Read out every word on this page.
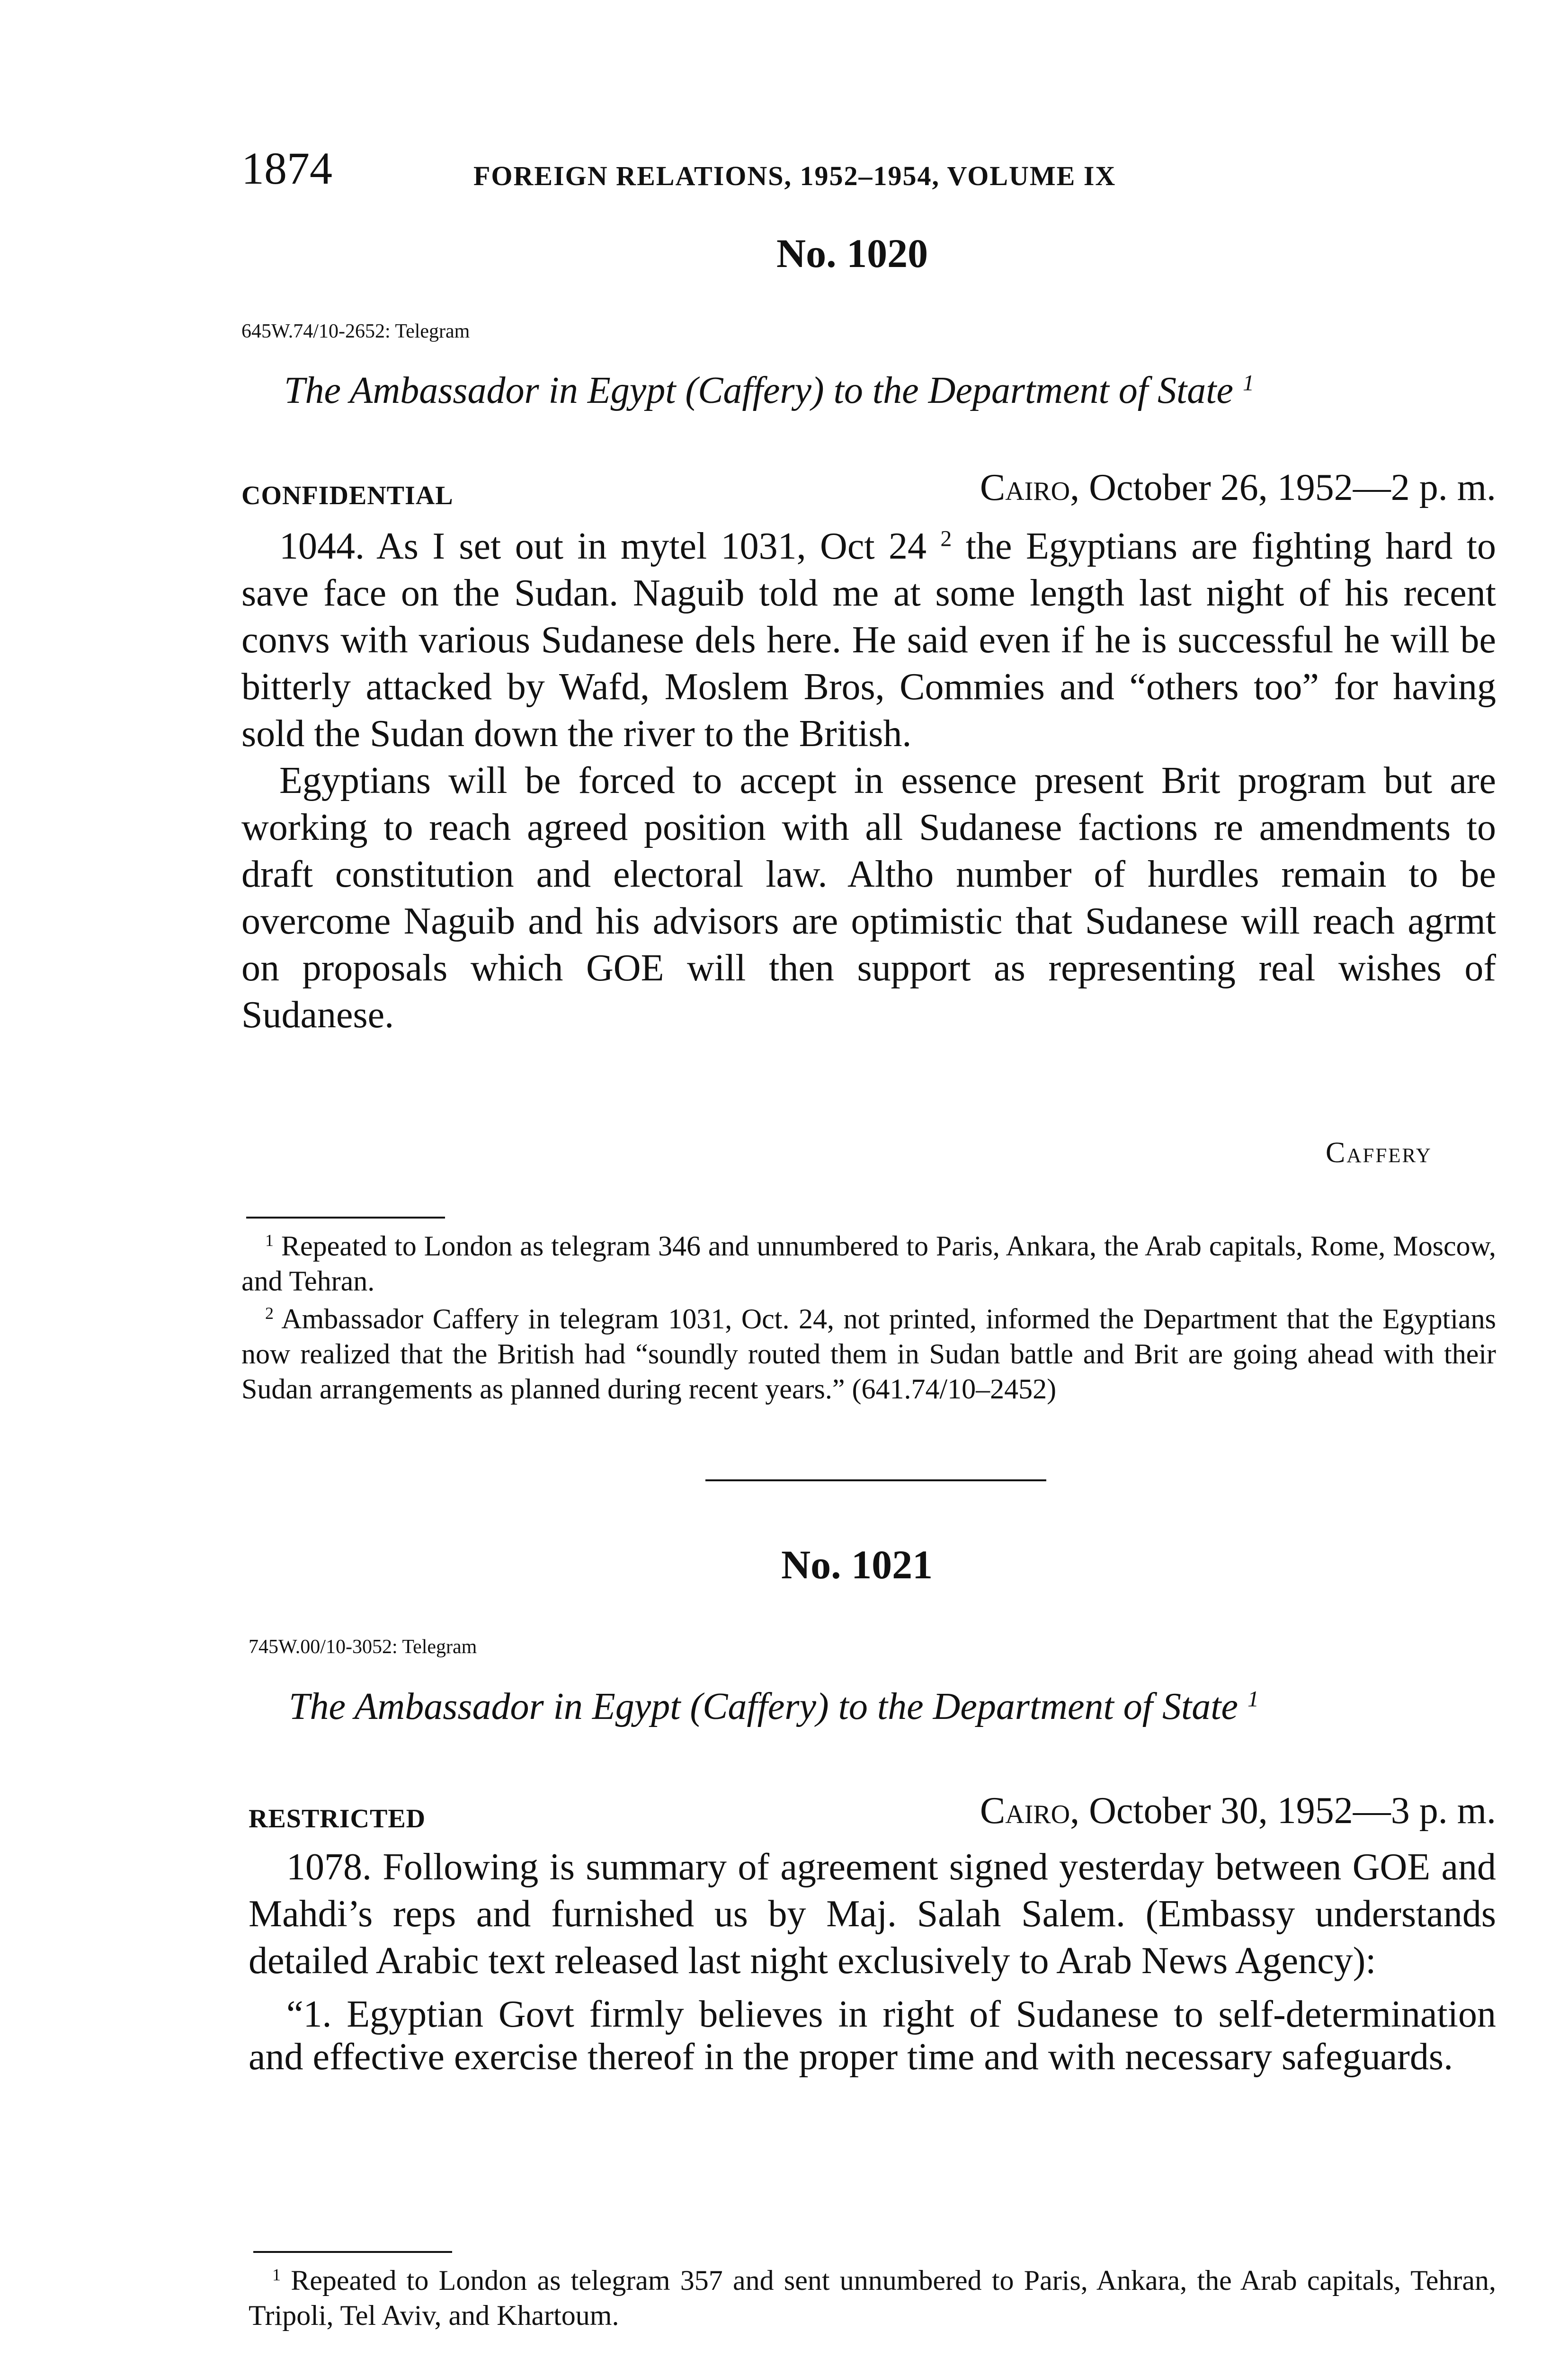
1874	FOREIGN RELATIONS, 1952–1954, VOLUME IX
No. 1020
645W.74/10-2652: Telegram
The Ambassador in Egypt (Caffery) to the Department of State $^1$
CONFIDENTIAL	Cairo, October 26, 1952—2 p. m.

1044. As I set out in mytel 1031, Oct 24 $^2$ the Egyptians are fighting hard to save face on the Sudan. Naguib told me at some length last night of his recent convs with various Sudanese dels here. He said even if he is successful he will be bitterly attacked by Wafd, Moslem Bros, Commies and “others too” for having sold the Sudan down the river to the British.

Egyptians will be forced to accept in essence present Brit program but are working to reach agreed position with all Sudanese factions re amendments to draft constitution and electoral law. Altho number of hurdles remain to be overcome Naguib and his advisors are optimistic that Sudanese will reach agrmt on proposals which GOE will then support as representing real wishes of Sudanese.

Caffery

$^1$ Repeated to London as telegram 346 and unnumbered to Paris, Ankara, the Arab capitals, Rome, Moscow, and Tehran.

$^2$ Ambassador Caffery in telegram 1031, Oct. 24, not printed, informed the Department that the Egyptians now realized that the British had “soundly routed them in Sudan battle and Brit are going ahead with their Sudan arrangements as planned during recent years.” (641.74/10–2452)

No. 1021
745W.00/10-3052: Telegram
The Ambassador in Egypt (Caffery) to the Department of State $^1$
RESTRICTED	Cairo, October 30, 1952—3 p. m.

1078. Following is summary of agreement signed yesterday between GOE and Mahdi’s reps and furnished us by Maj. Salah Salem. (Embassy understands detailed Arabic text released last night exclusively to Arab News Agency):

“1. Egyptian Govt firmly believes in right of Sudanese to self-determination and effective exercise thereof in the proper time and with necessary safeguards.

$^1$ Repeated to London as telegram 357 and sent unnumbered to Paris, Ankara, the Arab capitals, Tehran, Tripoli, Tel Aviv, and Khartoum.
